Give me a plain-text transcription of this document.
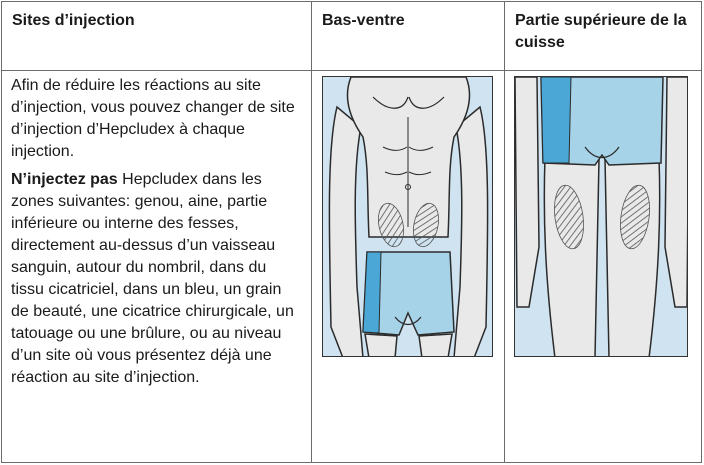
Sites d’injection	Bas-ventre	Partie supérieure de la cuisse

Afin de réduire les réactions au site d’injection, vous pouvez changer de site d’injection d’Hepcludex à chaque injection.

N’injectez pas Hepcludex dans les zones suivantes: genou, aine, partie inférieure ou interne des fesses, directement au-dessus d’un vaisseau sanguin, autour du nombril, dans du tissu cicatriciel, dans un bleu, un grain de beauté, une cicatrice chirurgicale, un tatouage ou une brûlure, ou au niveau d’un site où vous présentez déjà une réaction au site d’injection.
